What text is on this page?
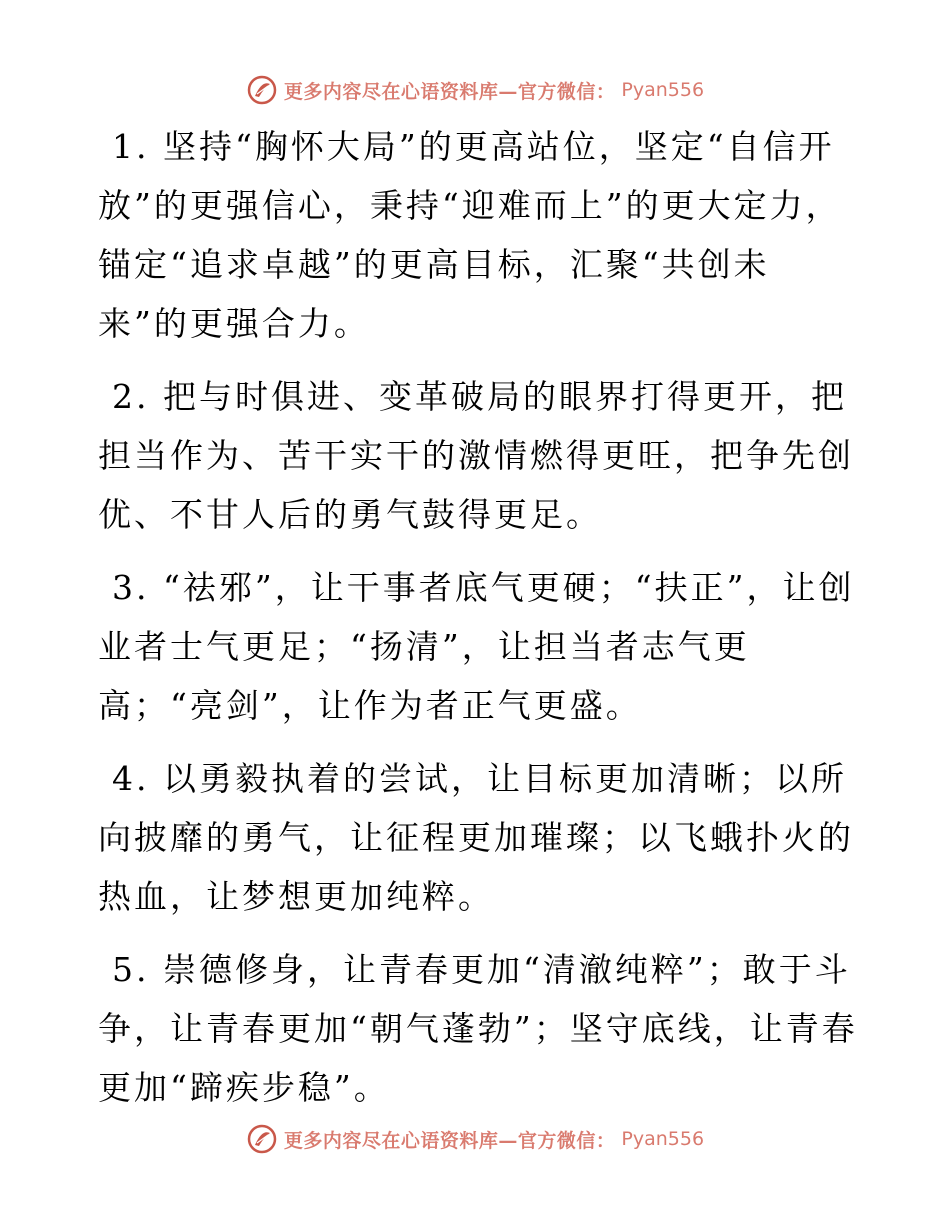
更多内容尽在心语资料库—官方微信： Pyan556

1. 坚持“胸怀大局”的更高站位，坚定“自信开放”的更强信心，秉持“迎难而上”的更大定力，锚定“追求卓越”的更高目标，汇聚“共创未来”的更强合力。

2. 把与时俱进、变革破局的眼界打得更开，把担当作为、苦干实干的激情燃得更旺，把争先创优、不甘人后的勇气鼓得更足。

3. “祛邪”，让干事者底气更硬；“扶正”，让创业者士气更足；“扬清”，让担当者志气更高；“亮剑”，让作为者正气更盛。

4. 以勇毅执着的尝试，让目标更加清晰；以所向披靡的勇气，让征程更加璀璨；以飞蛾扑火的热血，让梦想更加纯粹。

5. 崇德修身，让青春更加“清澈纯粹”；敢于斗争，让青春更加“朝气蓬勃”；坚守底线，让青春更加“蹄疾步稳”。

更多内容尽在心语资料库—官方微信： Pyan556
